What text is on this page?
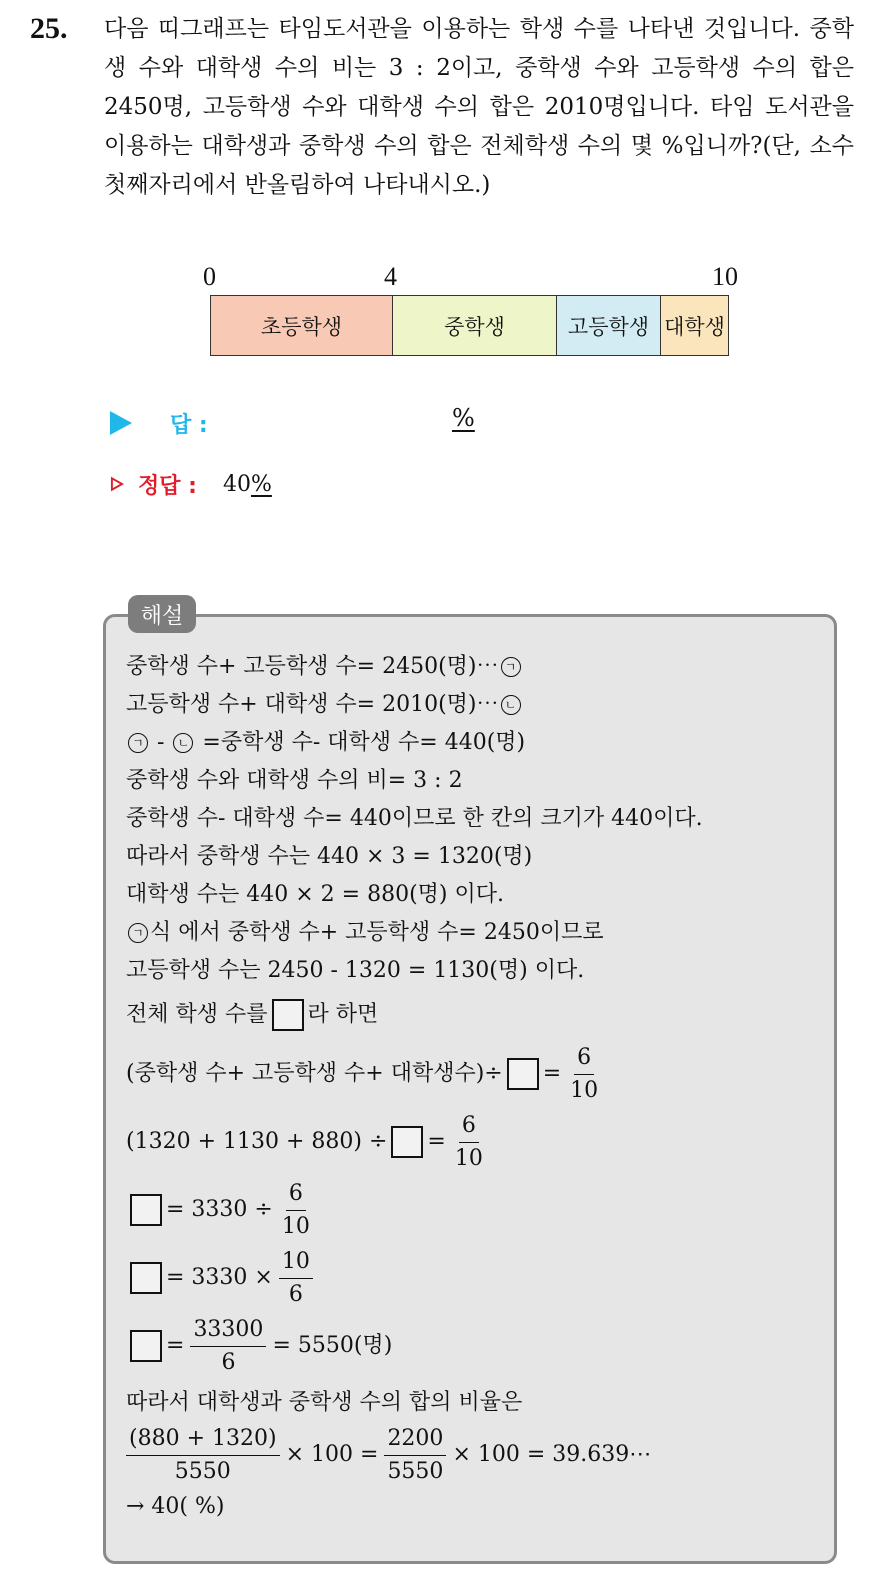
25. 다음 띠그래프는 타임도서관을 이용하는 학생 수를 나타낸 것입니다. 중학생 수와 대학생 수의 비는 3 : 2이고, 중학생 수와 고등학생 수의 합은 2450명, 고등학생 수와 대학생 수의 합은 2010명입니다. 타임 도서관을 이용하는 대학생과 중학생 수의 합은 전체학생 수의 몇 %입니까?(단, 소수첫째자리에서 반올림하여 나타내시오.)

0	4	10
초등학생	중학생	고등학생 대학생
답 :	%
정답 : 40%
해설
중학생 수+ 고등학생 수= 2450(명)⋯ ㄱ
고등학생 수+ 대학생 수= 2010(명)⋯ ㄴ
ㄱ - ㄴ =중학생 수- 대학생 수= 440(명)
중학생 수와 대학생 수의 비= 3 : 2
중학생 수- 대학생 수= 440이므로 한 칸의 크기가 440이다.
따라서 중학생 수는 440 × 3 = 1320(명)
대학생 수는 440 × 2 = 880(명) 이다.
ㄱ 식 에서 중학생 수+ 고등학생 수= 2450이므로
고등학생 수는 2450 - 1320 = 1130(명) 이다.
전체 학생 수를 라 하면
(중학생 수+ 고등학생 수+ 대학생수)÷ = $\frac{6}{10}$
(1320 + 1130 + 880) ÷ = $\frac{6}{10}$
= $3330 \div \frac{6}{10}$
= $3330 \times \frac{10}{6}$
= $\frac{33300}{6} = 5550$(명)
따라서 대학생과 중학생 수의 합의 비율은
$\frac{(880 + 1320)}{5550} \times 100 = \frac{2200}{5550} \times 100$ = 39.639⋯
→ 40( %)
